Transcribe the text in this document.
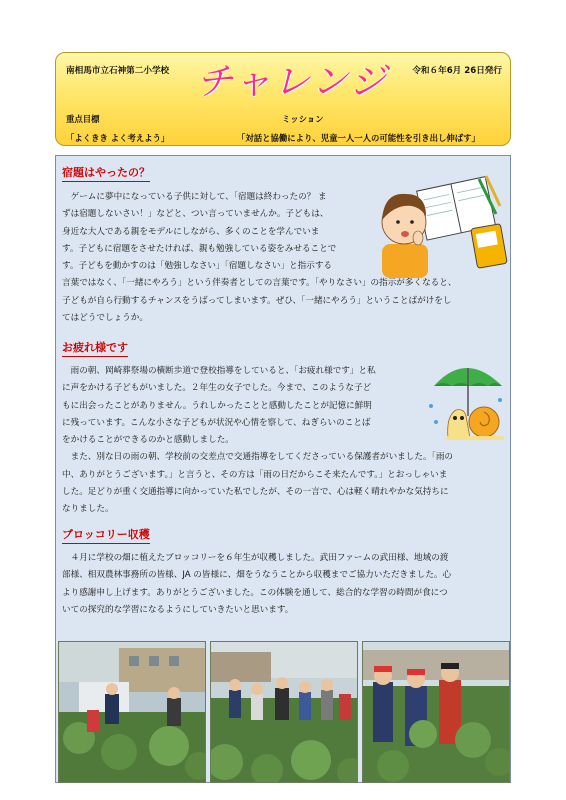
南相馬市立石神第二小学校 チャレンジ	令和６年6月 26日発行
重点目標
「よくきき よく考えよう」
ミッション
「対話と協働により、児童一人一人の可能性を引き出し伸ばす」
宿題はやったの？
　ゲームに夢中になっている子供に対して、「宿題は終わったの？ ま
ずは宿題しないさい！」などと、つい言っていませんか。子どもは、
身近な大人である親をモデルにしながら、多くのことを学んでいま
す。子どもに宿題をさせたければ、親も勉強している姿をみせることで
す。子どもを動かすのは「勉強しなさい」「宿題しなさい」と指示する
言葉ではなく、「一緒にやろう」という伴奏者としての言葉です。「やりなさい」の指示が多くなると、
子どもが自ら行動するチャンスをうばってしまいます。ぜひ、「一緒にやろう」ということばがけをし
てはどうでしょうか。
お疲れ様です
　雨の朝、岡崎葬祭場の横断歩道で登校指導をしていると、「お疲れ様です」と私
に声をかける子どもがいました。２年生の女子でした。今まで、このような子ど
もに出会ったことがありません。うれしかったことと感動したことが記憶に鮮明
に残っています。こんな小さな子どもが状況や心情を察して、ねぎらいのことば
をかけることができるのかと感動しました。
　また、別な日の雨の朝、学校前の交差点で交通指導をしてくださっている保護者がいました。「雨の
中、ありがとうございます。」と言うと、その方は「雨の日だからこそ来たんです。」とおっしゃいま
した。足どりが重く交通指導に向かっていた私でしたが、その一言で、心は軽く晴れやかな気持ちに
なりました。
ブロッコリー収穫
　４月に学校の畑に植えたブロッコリーを６年生が収穫しました。武田ファームの武田様、地域の渡
部様、相双農林事務所の皆様、JA の皆様に、畑をうなうことから収穫までご協力いただきました。心
より感謝申し上げます。ありがとうございました。この体験を通して、総合的な学習の時間が食につ
いての探究的な学習になるようにしていきたいと思います。
